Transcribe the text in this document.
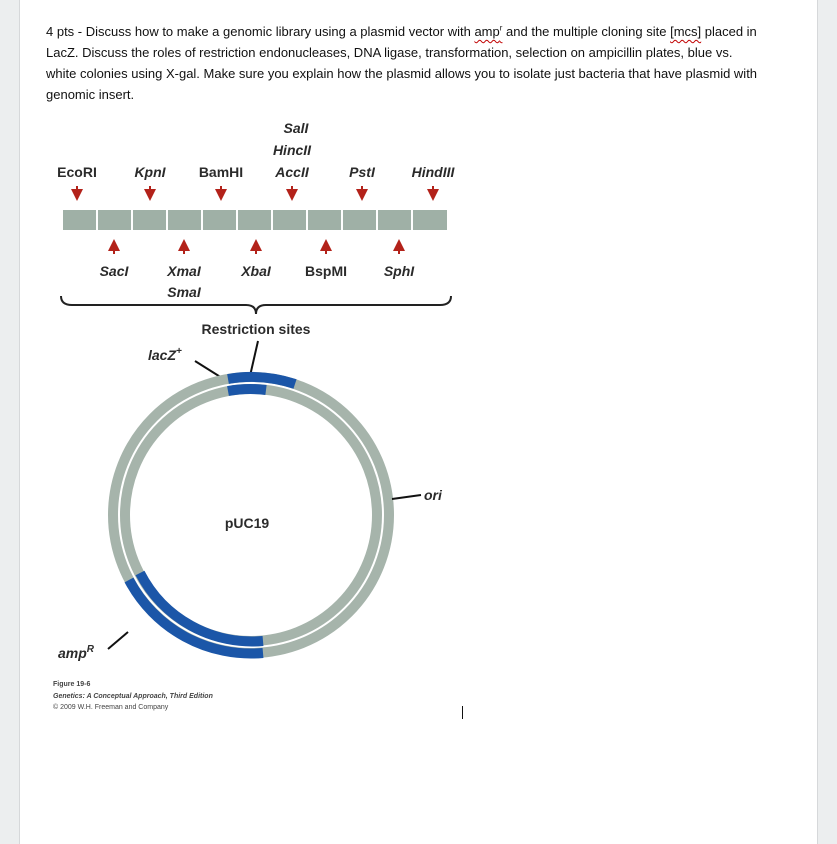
4 pts - Discuss how to make a genomic library using a plasmid vector with amp$^r$ and the multiple cloning site [mcs] placed in LacZ. Discuss the roles of restriction endonucleases, DNA ligase, transformation, selection on ampicillin plates, blue vs. white colonies using X-gal. Make sure you explain how the plasmid allows you to isolate just bacteria that have plasmid with genomic insert.
SalI
HincII
EcoRI	KpnI BamHI AccII	PstI	HindIII
SacI	XmaI
SmaI
XbaI BspMI	SphI
Restriction sites
lacZ+
pUC19
ori
amp$^R$
Figure 19-6
Genetics: A Conceptual Approach, Third Edition
© 2009 W.H. Freeman and Company
